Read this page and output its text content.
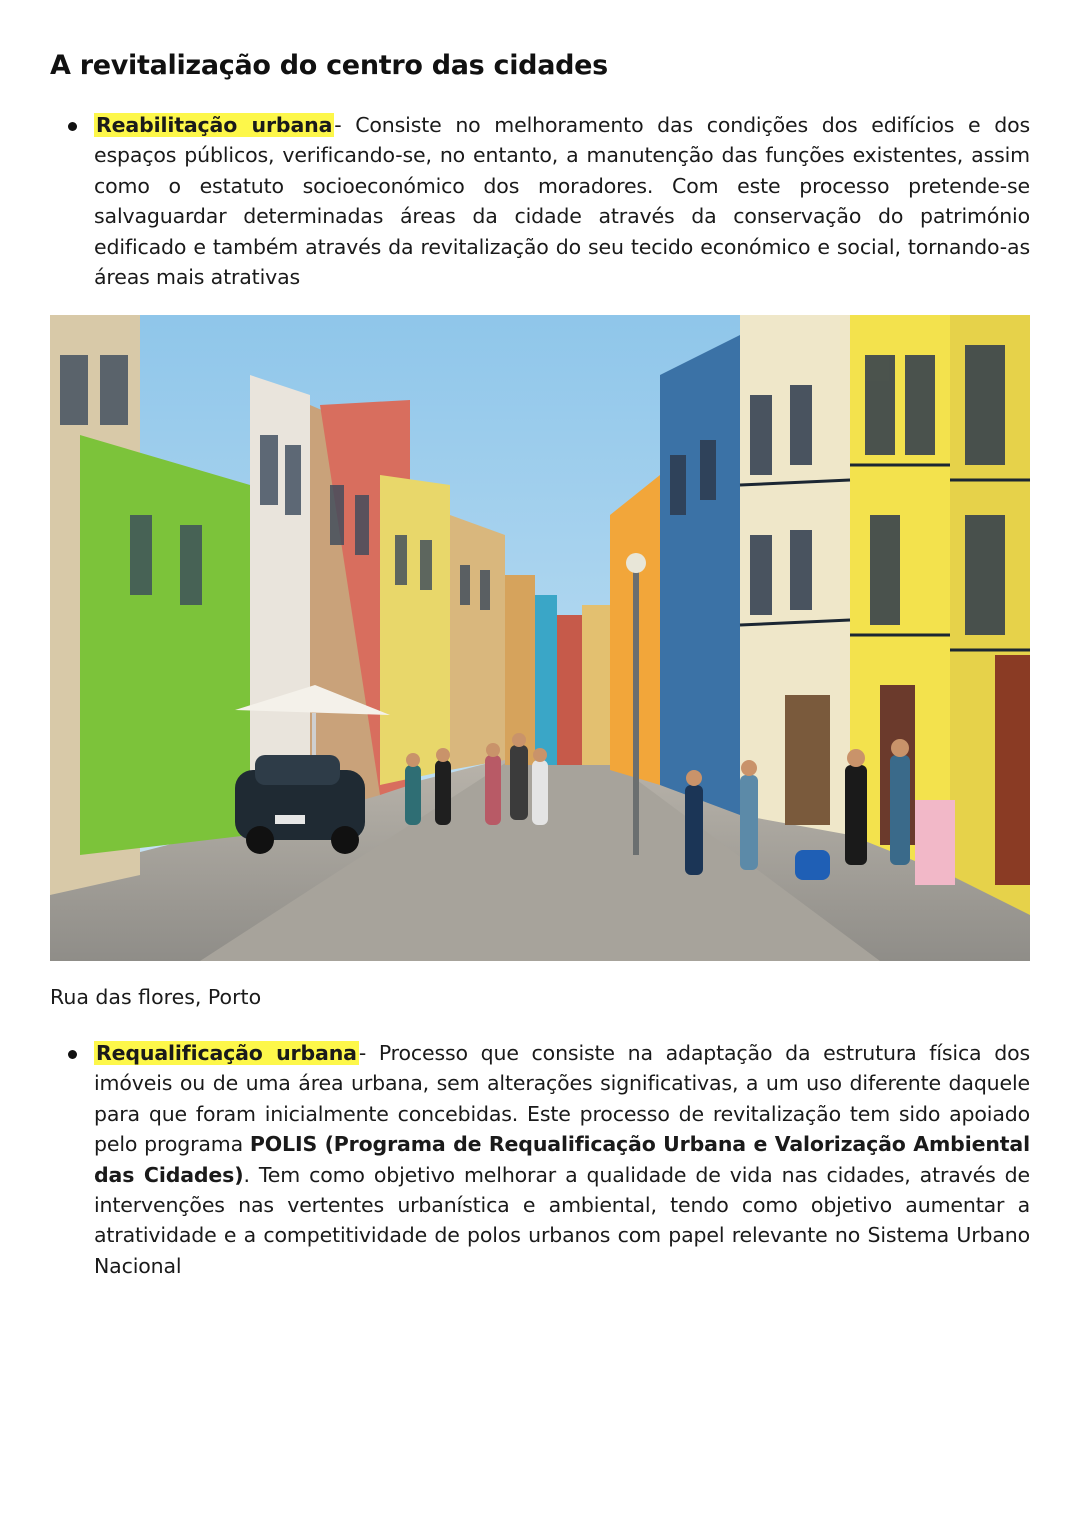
A revitalização do centro das cidades

Reabilitação urbana- Consiste no melhoramento das condições dos edifícios e dos espaços públicos, verificando-se, no entanto, a manutenção das funções existentes, assim como o estatuto socioeconómico dos moradores. Com este processo pretende-se salvaguardar determinadas áreas da cidade através da conservação do património edificado e também através da revitalização do seu tecido económico e social, tornando-as áreas mais atrativas

Rua das flores, Porto

Requalificação urbana- Processo que consiste na adaptação da estrutura física dos imóveis ou de uma área urbana, sem alterações significativas, a um uso diferente daquele para que foram inicialmente concebidas. Este processo de revitalização tem sido apoiado pelo programa POLIS (Programa de Requalificação Urbana e Valorização Ambiental das Cidades). Tem como objetivo melhorar a qualidade de vida nas cidades, através de intervenções nas vertentes urbanística e ambiental, tendo como objetivo aumentar a atratividade e a competitividade de polos urbanos com papel relevante no Sistema Urbano Nacional
